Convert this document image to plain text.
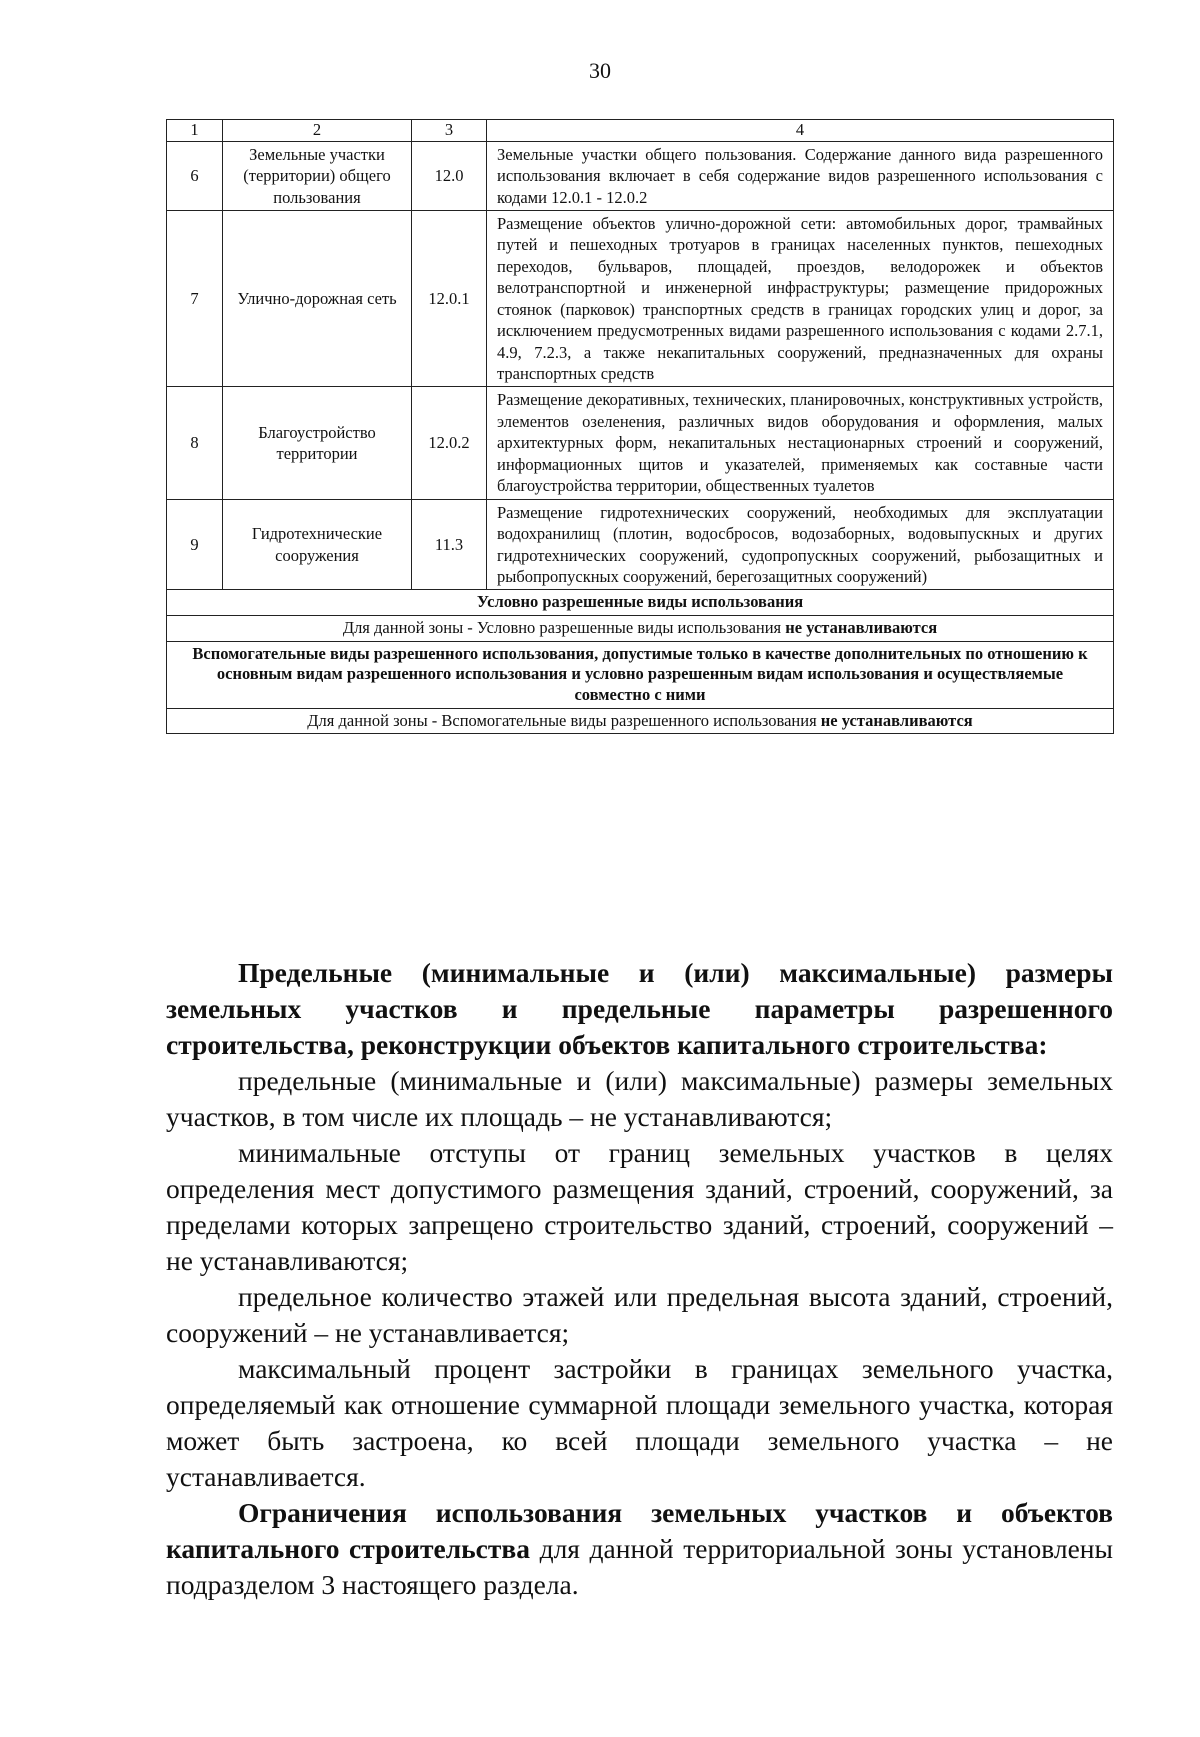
30
1	2	3	4
6	Земельные участки (территории) общего пользования	12.0	Земельные участки общего пользования. Содержание данного вида разрешенного использования включает в себя содержание видов разрешенного использования с кодами 12.0.1 - 12.0.2
7	Улично-дорожная сеть	12.0.1	Размещение объектов улично-дорожной сети: автомобильных дорог, трамвайных путей и пешеходных тротуаров в границах населенных пунктов, пешеходных переходов, бульваров, площадей, проездов, велодорожек и объектов велотранспортной и инженерной инфраструктуры; размещение придорожных стоянок (парковок) транспортных средств в границах городских улиц и дорог, за исключением предусмотренных видами разрешенного использования с кодами 2.7.1, 4.9, 7.2.3, а также некапитальных сооружений, предназначенных для охраны транспортных средств
8	Благоустройство территории	12.0.2	Размещение декоративных, технических, планировочных, конструктивных устройств, элементов озеленения, различных видов оборудования и оформления, малых архитектурных форм, некапитальных нестационарных строений и сооружений, информационных щитов и указателей, применяемых как составные части благоустройства территории, общественных туалетов
9	Гидротехнические сооружения	11.3	Размещение гидротехнических сооружений, необходимых для эксплуатации водохранилищ (плотин, водосбросов, водозаборных, водовыпускных и других гидротехнических сооружений, судопропускных сооружений, рыбозащитных и рыбопропускных сооружений, берегозащитных сооружений)
Условно разрешенные виды использования			
Для данной зоны - Условно разрешенные виды использования не устанавливаются			
Вспомогательные виды разрешенного использования, допустимые только в качестве дополнительных по отношению к основным видам разрешенного использования и условно разрешенным видам использования и осуществляемые совместно с ними			
Для данной зоны - Вспомогательные виды разрешенного использования не устанавливаются			

Предельные (минимальные и (или) максимальные) размеры земельных участков и предельные параметры разрешенного строительства, реконструкции объектов капитального строительства:

предельные (минимальные и (или) максимальные) размеры земельных участков, в том числе их площадь – не устанавливаются;

минимальные отступы от границ земельных участков в целях определения мест допустимого размещения зданий, строений, сооружений, за пределами которых запрещено строительство зданий, строений, сооружений – не устанавливаются;

предельное количество этажей или предельная высота зданий, строений, сооружений – не устанавливается;

максимальный процент застройки в границах земельного участка, определяемый как отношение суммарной площади земельного участка, которая может быть застроена, ко всей площади земельного участка – не устанавливается.

Ограничения использования земельных участков и объектов капитального строительства для данной территориальной зоны установлены подразделом 3 настоящего раздела.
